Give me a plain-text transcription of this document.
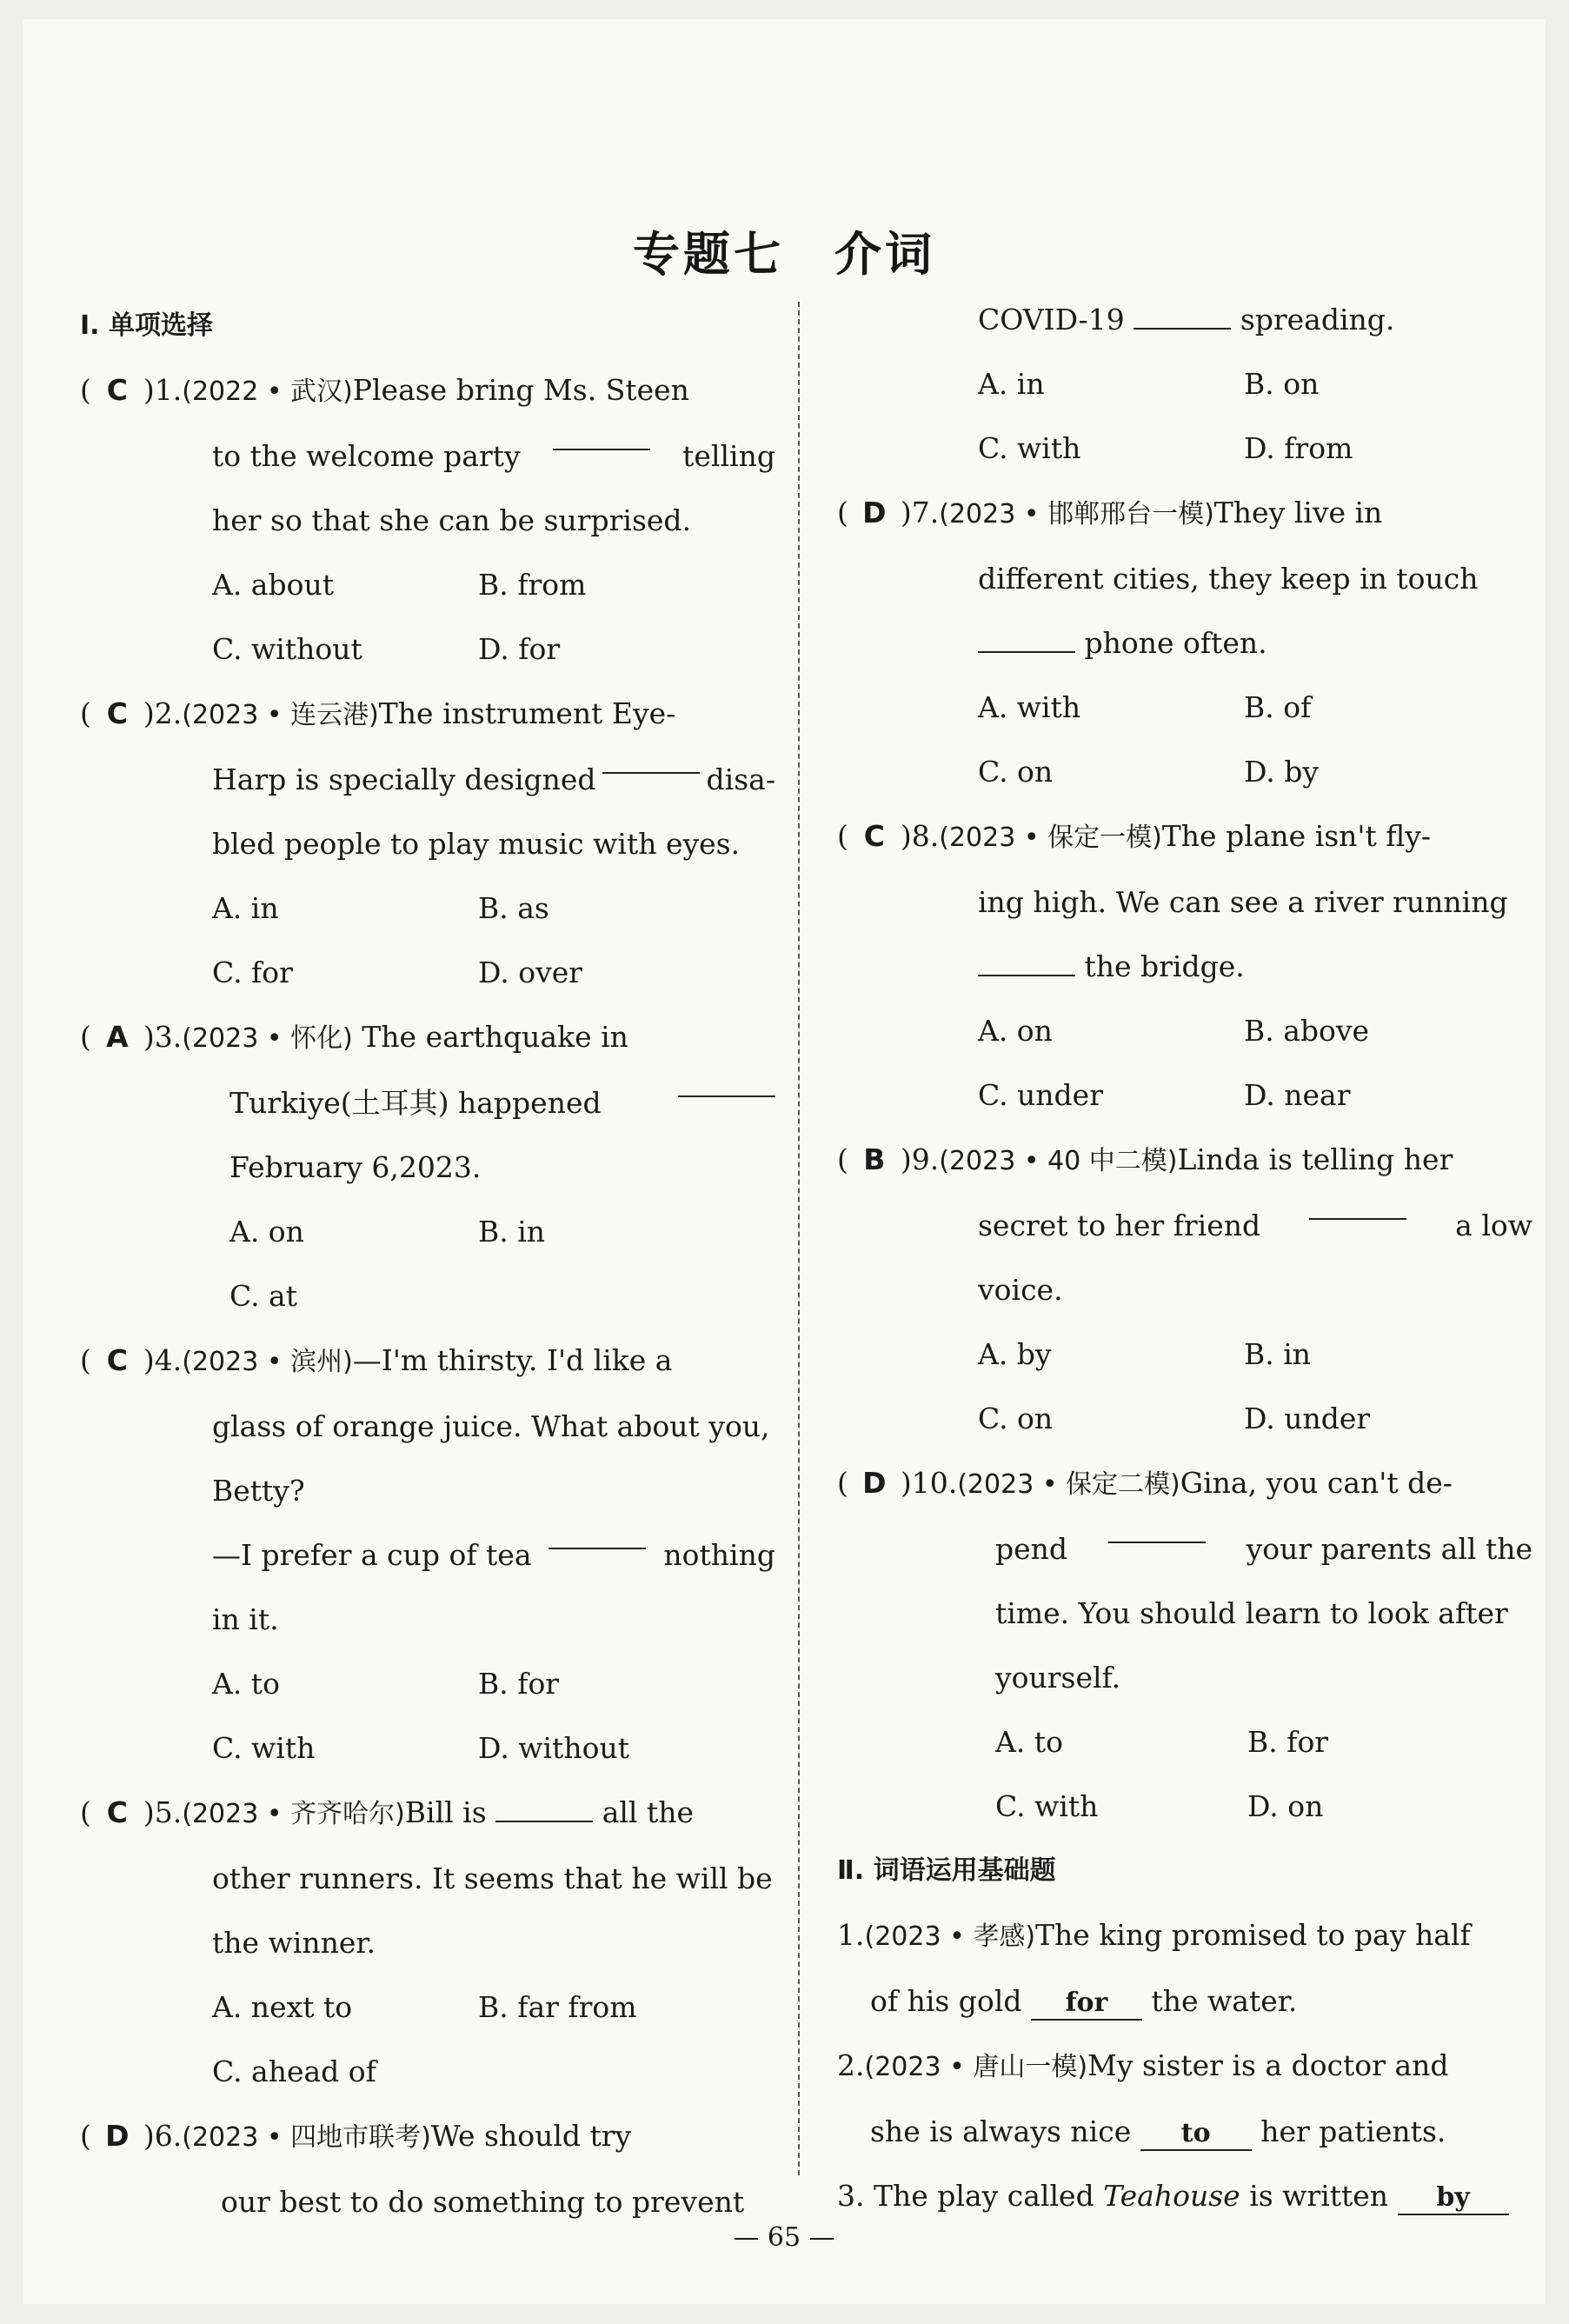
专题七　介词
Ⅰ. 单项选择
( C )1.(2022 • 武汉)Please bring Ms. Steen
to the welcome party	telling
her so that she can be surprised.
A. about	B. from
C. without	D. for
( C )2.(2023 • 连云港)The instrument Eye-
Harp is specially designed	disa-
bled people to play music with eyes.
A. in	B. as
C. for	D. over
( A )3.(2023 • 怀化) The earthquake in
Turkiye(土耳其) happened
February 6,2023.
A. on	B. in
C. at
( C )4.(2023 • 滨州)—I'm thirsty. I'd like a
glass of orange juice. What about you,
Betty?
—I prefer a cup of tea	nothing
in it.
A. to	B. for
C. with	D. without
( C )5.(2023 • 齐齐哈尔)Bill is	all the
other runners. It seems that he will be
the winner.
A. next to	B. far from
C. ahead of
( D )6.(2023 • 四地市联考)We should try
our best to do something to prevent
COVID-19	spreading.
A. in	B. on
C. with	D. from
( D )7.(2023 • 邯郸邢台一模)They live in
different cities, they keep in touch
phone often.
A. with	B. of
C. on	D. by
( C )8.(2023 • 保定一模)The plane isn't fly-
ing high. We can see a river running
the bridge.
A. on	B. above
C. under	D. near
( B )9.(2023 • 40 中二模)Linda is telling her
secret to her friend	a low
voice.
A. by	B. in
C. on	D. under
( D )10.(2023 • 保定二模)Gina, you can't de-
pend	your parents all the
time. You should learn to look after
yourself.
A. to	B. for
C. with	D. on
Ⅱ. 词语运用基础题
1.(2023 • 孝感)The king promised to pay half
of his gold for the water.
2.(2023 • 唐山一模)My sister is a doctor and
she is always nice to her patients.
3. The play called Teahouse is written by
— 65 —
